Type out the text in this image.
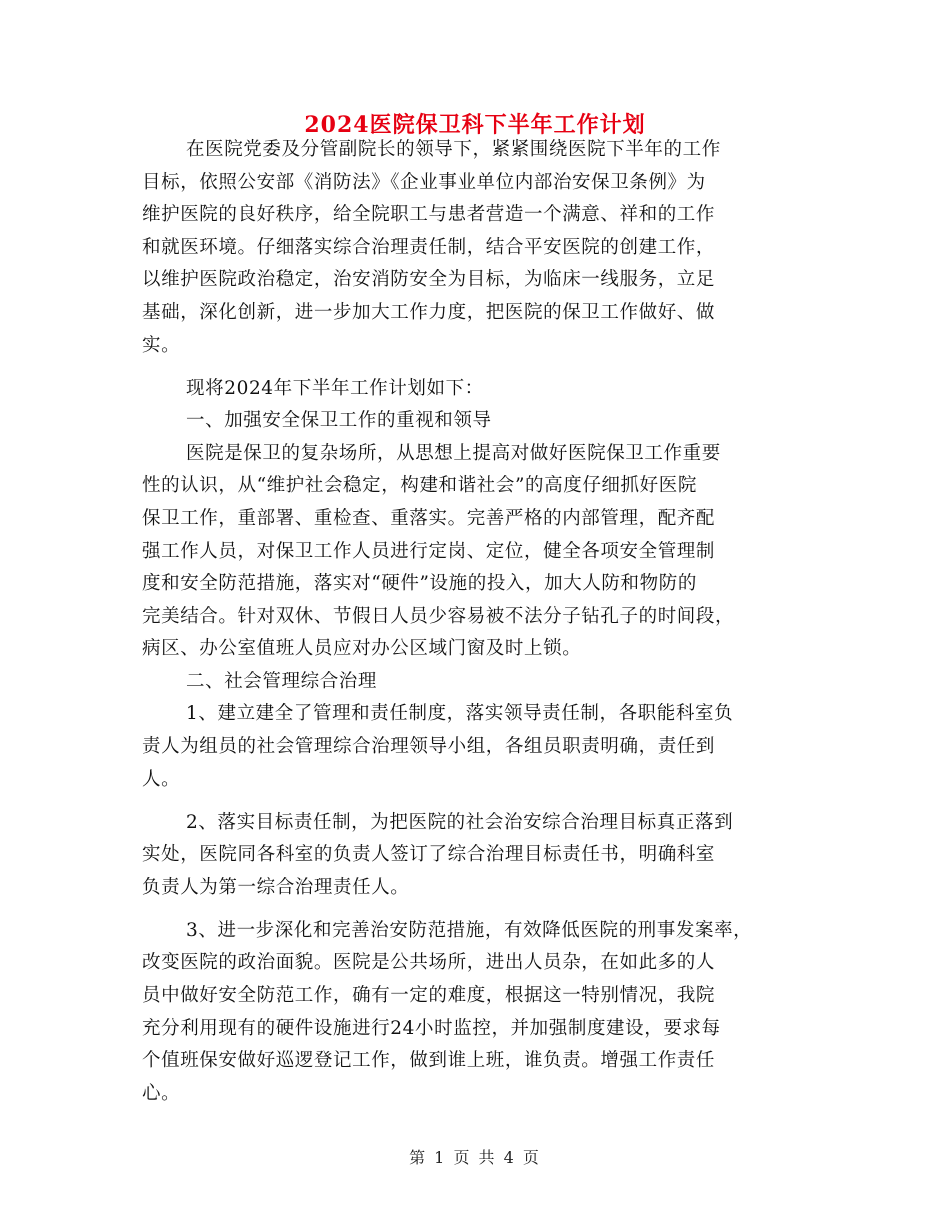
2024医院保卫科下半年工作计划
在医院党委及分管副院长的领导下，紧紧围绕医院下半年的工作
目标，依照公安部《消防法》《企业事业单位内部治安保卫条例》为
维护医院的良好秩序，给全院职工与患者营造一个满意、祥和的工作
和就医环境。仔细落实综合治理责任制，结合平安医院的创建工作，
以维护医院政治稳定，治安消防安全为目标，为临床一线服务，立足
基础，深化创新，进一步加大工作力度，把医院的保卫工作做好、做
实。
现将2024年下半年工作计划如下：
一、加强安全保卫工作的重视和领导
医院是保卫的复杂场所，从思想上提高对做好医院保卫工作重要
性的认识，从“维护社会稳定，构建和谐社会”的高度仔细抓好医院
保卫工作，重部署、重检查、重落实。完善严格的内部管理，配齐配
强工作人员，对保卫工作人员进行定岗、定位，健全各项安全管理制
度和安全防范措施，落实对“硬件”设施的投入，加大人防和物防的
完美结合。针对双休、节假日人员少容易被不法分子钻孔子的时间段，
病区、办公室值班人员应对办公区域门窗及时上锁。
二、社会管理综合治理
1、建立建全了管理和责任制度，落实领导责任制，各职能科室负
责人为组员的社会管理综合治理领导小组，各组员职责明确，责任到
人。
2、落实目标责任制，为把医院的社会治安综合治理目标真正落到
实处，医院同各科室的负责人签订了综合治理目标责任书，明确科室
负责人为第一综合治理责任人。
3、进一步深化和完善治安防范措施，有效降低医院的刑事发案率，
改变医院的政治面貌。医院是公共场所，进出人员杂，在如此多的人
员中做好安全防范工作，确有一定的难度，根据这一特别情况，我院
充分利用现有的硬件设施进行24小时监控，并加强制度建设，要求每
个值班保安做好巡逻登记工作，做到谁上班，谁负责。增强工作责任
心。
第 1 页 共 4 页
